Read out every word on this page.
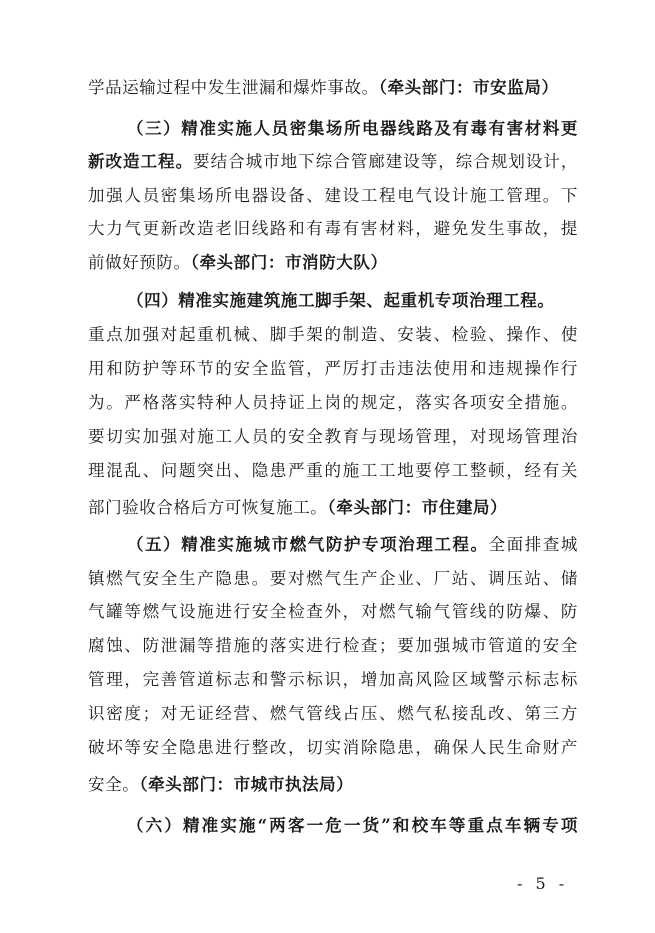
学品运输过程中发生泄漏和爆炸事故。（牵头部门：市安监局）
（三）精准实施人员密集场所电器线路及有毒有害材料更
新改造工程。要结合城市地下综合管廊建设等，综合规划设计，
加强人员密集场所电器设备、建设工程电气设计施工管理。下
大力气更新改造老旧线路和有毒有害材料，避免发生事故，提
前做好预防。（牵头部门：市消防大队）
（四）精准实施建筑施工脚手架、起重机专项治理工程。
重点加强对起重机械、脚手架的制造、安装、检验、操作、使
用和防护等环节的安全监管，严厉打击违法使用和违规操作行
为。严格落实特种人员持证上岗的规定，落实各项安全措施。
要切实加强对施工人员的安全教育与现场管理，对现场管理治
理混乱、问题突出、隐患严重的施工工地要停工整顿，经有关
部门验收合格后方可恢复施工。（牵头部门：市住建局）
（五）精准实施城市燃气防护专项治理工程。全面排查城
镇燃气安全生产隐患。要对燃气生产企业、厂站、调压站、储
气罐等燃气设施进行安全检查外，对燃气输气管线的防爆、防
腐蚀、防泄漏等措施的落实进行检查；要加强城市管道的安全
管理，完善管道标志和警示标识，增加高风险区域警示标志标
识密度；对无证经营、燃气管线占压、燃气私接乱改、第三方
破坏等安全隐患进行整改，切实消除隐患，确保人民生命财产
安全。（牵头部门：市城市执法局）
（六）精准实施“两客一危一货”和校车等重点车辆专项
- 5 -
